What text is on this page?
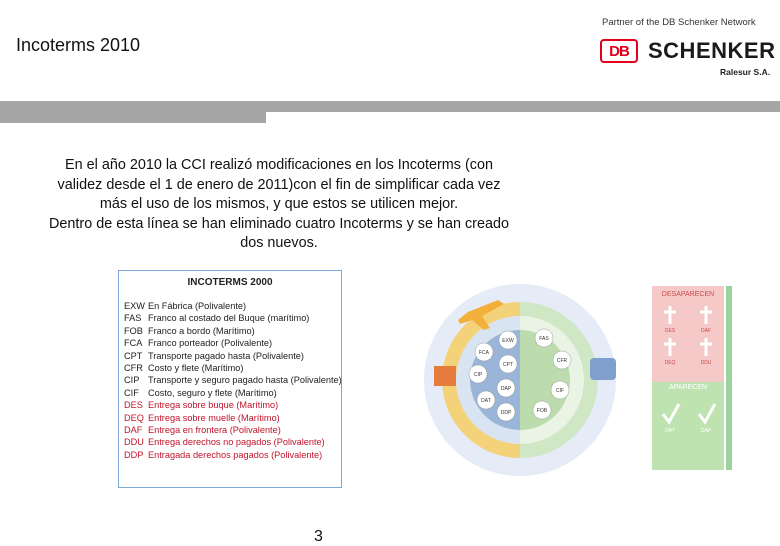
Incoterms 2010
Partner of the DB Schenker Network
DB SCHENKER
Ralesur S.A.
En el año 2010 la CCI realizó modificaciones en los Incoterms (con
validez desde el 1 de enero de 2011)con el fin de simplificar cada vez
más el uso de los mismos, y que estos se utilicen mejor.
Dentro de esta línea se han eliminado cuatro Incoterms y se han creado
dos nuevos.
INCOTERMS 2000
EXW En Fábrica (Polivalente)
FAS Franco al costado del Buque (marítimo)
FOB Franco a bordo (Marítimo)
FCA Franco porteador (Polivalente)
CPT Transporte pagado hasta (Polivalente)
CFR Costo y flete (Marítimo)
CIP Transporte y seguro pagado hasta (Polivalente)
CIF Costo, seguro y flete (Marítimo)
DES Entrega sobre buque (Marítimo)
DEQ Entrega sobre muelle (Marítimo)
DAF Entrega en frontera (Polivalente)
DDU Entrega derechos no pagados (Polivalente)
DDP Entragada derechos pagados (Polivalente)
EXW	FAS
FCA
CFR
CPT
CIP
CIF
DAP
DAT
DDP	FOB
DESAPARECEN
APARECEN
DES	DAF
DEQ	DDU
DAT	DAP
3
